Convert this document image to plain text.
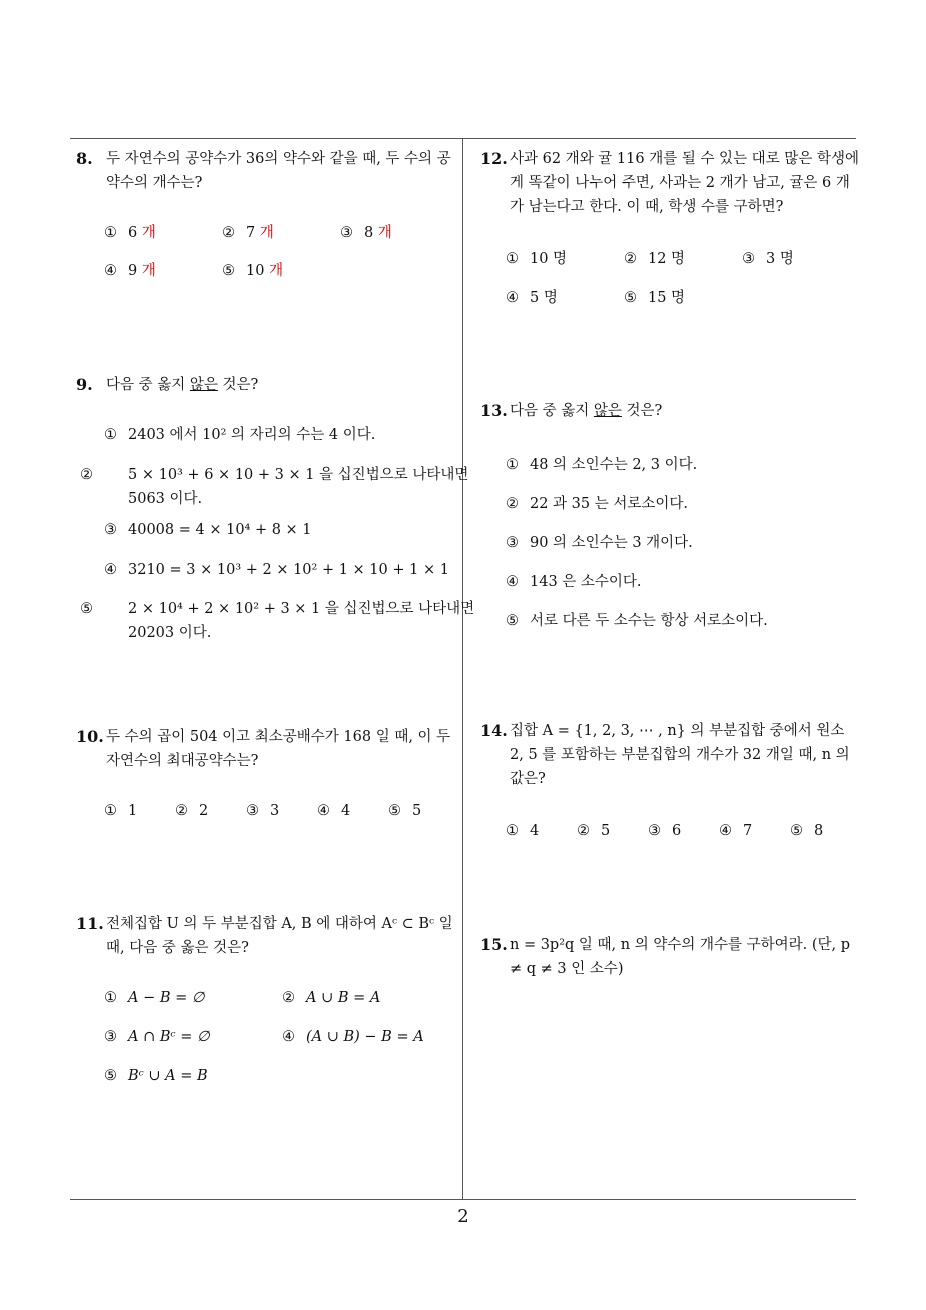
8. 두 자연수의 공약수가 36의 약수와 같을 때, 두 수의 공약수의 개수는?
① 6 개	② 7 개	③ 8 개
④ 9 개	⑤ 10 개
9. 다음 중 옳지 않은 것은?
① 2403 에서 10² 의 자리의 수는 4 이다.
② 5 × 10³ + 6 × 10 + 3 × 1 을 십진법으로 나타내면 5063 이다.
③ 40008 = 4 × 10⁴ + 8 × 1
④ 3210 = 3 × 10³ + 2 × 10² + 1 × 10 + 1 × 1
⑤ 2 × 10⁴ + 2 × 10² + 3 × 1 을 십진법으로 나타내면 20203 이다.
10. 두 수의 곱이 504 이고 최소공배수가 168 일 때, 이 두 자연수의 최대공약수는?
① 1	② 2	③ 3	④ 4	⑤ 5
11. 전체집합 U 의 두 부분집합 A, B 에 대하여 Aᶜ ⊂ Bᶜ 일 때, 다음 중 옳은 것은?
① A − B = ∅	② A ∪ B = A
③ A ∩ Bᶜ = ∅	④ (A ∪ B) − B = A
⑤ Bᶜ ∪ A = B
12. 사과 62 개와 귤 116 개를 될 수 있는 대로 많은 학생에게 똑같이 나누어 주면, 사과는 2 개가 남고, 귤은 6 개가 남는다고 한다. 이 때, 학생 수를 구하면?
① 10 명	② 12 명	③ 3 명
④ 5 명	⑤ 15 명
13. 다음 중 옳지 않은 것은?
① 48 의 소인수는 2, 3 이다.
② 22 과 35 는 서로소이다.
③ 90 의 소인수는 3 개이다.
④ 143 은 소수이다.
⑤ 서로 다른 두 소수는 항상 서로소이다.
14. 집합 A = {1, 2, 3, ⋯ , n} 의 부분집합 중에서 원소 2, 5 를 포함하는 부분집합의 개수가 32 개일 때, n 의 값은?
① 4	② 5	③ 6	④ 7	⑤ 8
15. n = 3p²q 일 때, n 의 약수의 개수를 구하여라. (단, p ≠ q ≠ 3 인 소수)
2
